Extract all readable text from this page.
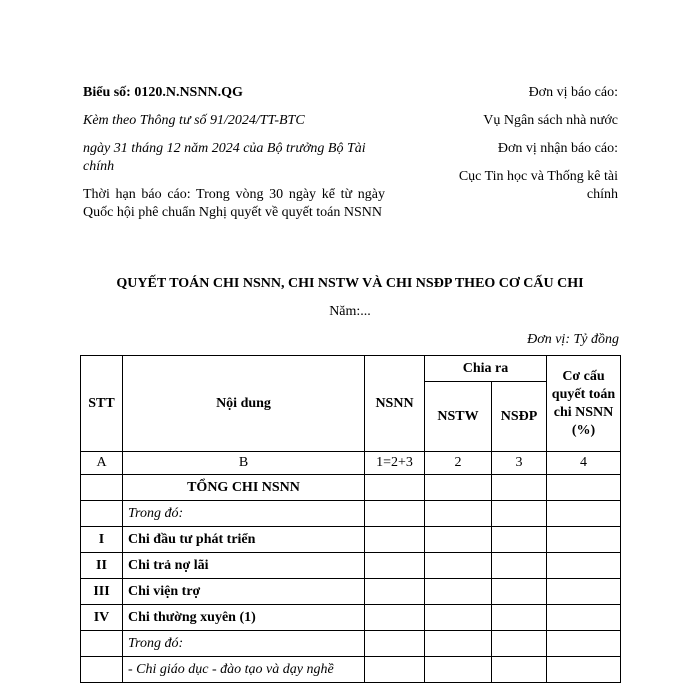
Biểu số: 0120.N.NSNN.QG

Kèm theo Thông tư số 91/2024/TT-BTC

ngày 31 tháng 12 năm 2024 của Bộ trưởng Bộ Tài chính

Thời hạn báo cáo: Trong vòng 30 ngày kể từ ngày Quốc hội phê chuẩn Nghị quyết về quyết toán NSNN

Đơn vị báo cáo:

Vụ Ngân sách nhà nước

Đơn vị nhận báo cáo:

Cục Tin học và Thống kê tài chính

QUYẾT TOÁN CHI NSNN, CHI NSTW VÀ CHI NSĐP THEO CƠ CẤU CHI
Năm:...
Đơn vị: Tỷ đồng
STT	Nội dung	NSNN	Chia ra		Cơ cấu quyết toán chi NSNN (%)
			NSTW	NSĐP	
A	B	1=2+3	2	3	4
	TỔNG CHI NSNN				
	Trong đó:				
I	Chi đầu tư phát triển				
II	Chi trả nợ lãi				
III	Chi viện trợ				
IV	Chi thường xuyên (1)				
	Trong đó:				
	- Chi giáo dục - đào tạo và dạy nghề				
